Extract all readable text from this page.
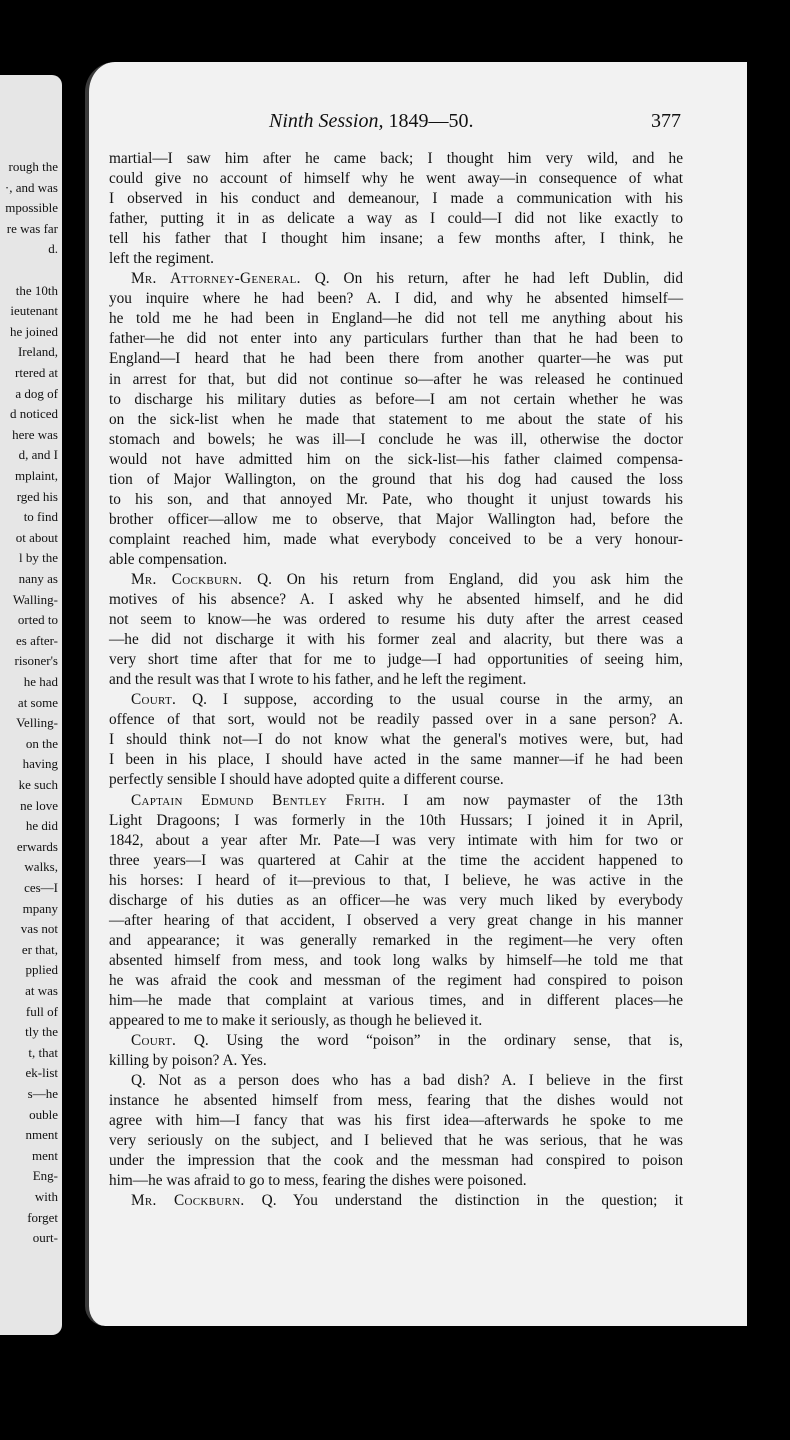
rough the
·, and was
mpossible
re was far
d.
the 10th
ieutenant
he joined
Ireland,
rtered at
a dog of
d noticed
here was
d, and I
mplaint,
rged his
to find
ot about
l by the
nany as
Walling-
orted to
es after-
risoner's
he had
at some
Velling-
on the
having
ke such
ne love
he did
erwards
walks,
ces—I
mpany
vas not
er that,
pplied
at was
full of
tly the
t, that
ek-list
s—he
ouble
nment
ment
Eng-
with
forget
ourt-
Ninth Session, 1849—50.	377
martial—I saw him after he came back; I thought him very wild, and he
could give no account of himself why he went away—in consequence of what
I observed in his conduct and demeanour, I made a communication with his
father, putting it in as delicate a way as I could—I did not like exactly to
tell his father that I thought him insane; a few months after, I think, he
left the regiment.
Mr. Attorney-General. Q. On his return, after he had left Dublin, did
you inquire where he had been? A. I did, and why he absented himself—
he told me he had been in England—he did not tell me anything about his
father—he did not enter into any particulars further than that he had been to
England—I heard that he had been there from another quarter—he was put
in arrest for that, but did not continue so—after he was released he continued
to discharge his military duties as before—I am not certain whether he was
on the sick-list when he made that statement to me about the state of his
stomach and bowels; he was ill—I conclude he was ill, otherwise the doctor
would not have admitted him on the sick-list—his father claimed compensa-
tion of Major Wallington, on the ground that his dog had caused the loss
to his son, and that annoyed Mr. Pate, who thought it unjust towards his
brother officer—allow me to observe, that Major Wallington had, before the
complaint reached him, made what everybody conceived to be a very honour-
able compensation.
Mr. Cockburn. Q. On his return from England, did you ask him the
motives of his absence? A. I asked why he absented himself, and he did
not seem to know—he was ordered to resume his duty after the arrest ceased
—he did not discharge it with his former zeal and alacrity, but there was a
very short time after that for me to judge—I had opportunities of seeing him,
and the result was that I wrote to his father, and he left the regiment.
Court. Q. I suppose, according to the usual course in the army, an
offence of that sort, would not be readily passed over in a sane person? A.
I should think not—I do not know what the general's motives were, but, had
I been in his place, I should have acted in the same manner—if he had been
perfectly sensible I should have adopted quite a different course.
Captain Edmund Bentley Frith. I am now paymaster of the 13th
Light Dragoons; I was formerly in the 10th Hussars; I joined it in April,
1842, about a year after Mr. Pate—I was very intimate with him for two or
three years—I was quartered at Cahir at the time the accident happened to
his horses: I heard of it—previous to that, I believe, he was active in the
discharge of his duties as an officer—he was very much liked by everybody
—after hearing of that accident, I observed a very great change in his manner
and appearance; it was generally remarked in the regiment—he very often
absented himself from mess, and took long walks by himself—he told me that
he was afraid the cook and messman of the regiment had conspired to poison
him—he made that complaint at various times, and in different places—he
appeared to me to make it seriously, as though he believed it.
Court. Q. Using the word “poison” in the ordinary sense, that is,
killing by poison? A. Yes.
Q. Not as a person does who has a bad dish? A. I believe in the first
instance he absented himself from mess, fearing that the dishes would not
agree with him—I fancy that was his first idea—afterwards he spoke to me
very seriously on the subject, and I believed that he was serious, that he was
under the impression that the cook and the messman had conspired to poison
him—he was afraid to go to mess, fearing the dishes were poisoned.
Mr. Cockburn. Q. You understand the distinction in the question; it
